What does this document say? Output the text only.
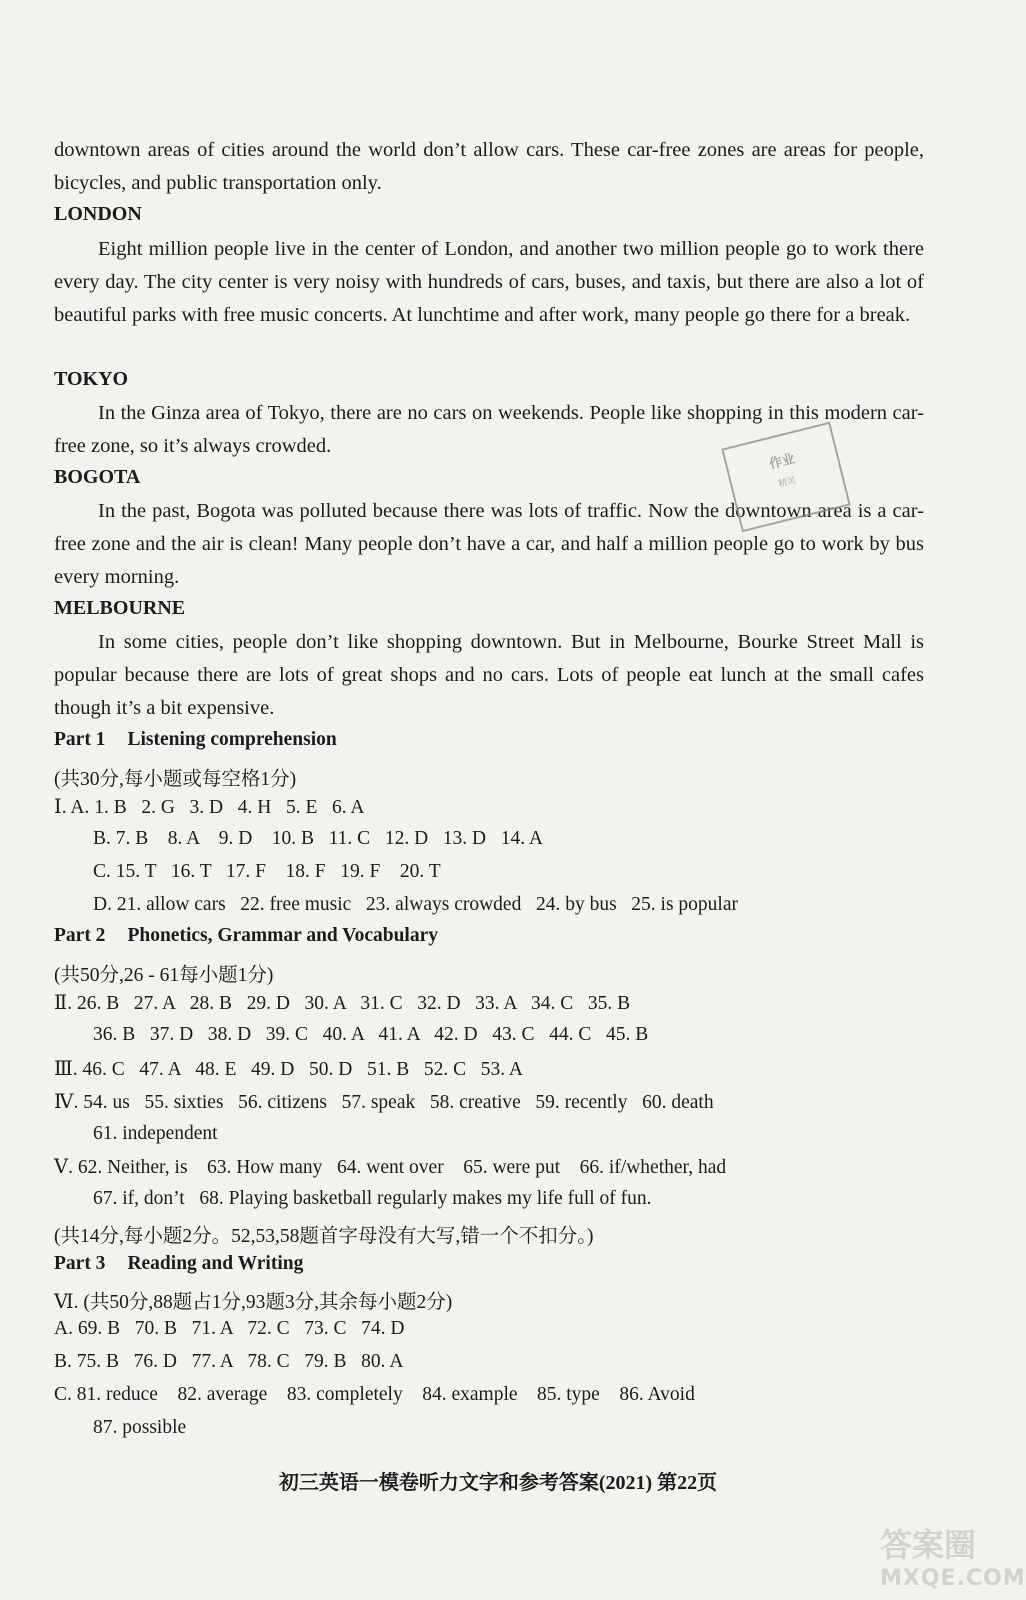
downtown areas of cities around the world don’t allow cars. These car-free zones are areas for people, bicycles, and public transportation only.

LONDON

Eight million people live in the center of London, and another two million people go to work there every day. The city center is very noisy with hundreds of cars, buses, and taxis, but there are also a lot of beautiful parks with free music concerts. At lunchtime and after work, many people go there for a break.

TOKYO

In the Ginza area of Tokyo, there are no cars on weekends. People like shopping in this modern car-free zone, so it’s always crowded.

BOGOTA

In the past, Bogota was polluted because there was lots of traffic. Now the downtown area is a car-free zone and the air is clean! Many people don’t have a car, and half a million people go to work by bus every morning.

MELBOURNE

In some cities, people don’t like shopping downtown. But in Melbourne, Bourke Street Mall is popular because there are lots of great shops and no cars. Lots of people eat lunch at the small cafes though it’s a bit expensive.

Part 1 Listening comprehension
(共30分,每小题或每空格1分)
Ⅰ. A. 1. B   2. G   3. D   4. H   5. E   6. A
B. 7. B    8. A    9. D    10. B   11. C   12. D   13. D   14. A
C. 15. T   16. T   17. F    18. F   19. F    20. T
D. 21. allow cars   22. free music   23. always crowded   24. by bus   25. is popular
Part 2 Phonetics, Grammar and Vocabulary
(共50分,26 - 61每小题1分)
Ⅱ. 26. B   27. A   28. B   29. D   30. A   31. C   32. D   33. A   34. C   35. B
36. B   37. D   38. D   39. C   40. A   41. A   42. D   43. C   44. C   45. B
Ⅲ. 46. C   47. A   48. E   49. D   50. D   51. B   52. C   53. A
Ⅳ. 54. us   55. sixties   56. citizens   57. speak   58. creative   59. recently   60. death
61. independent
Ⅴ. 62. Neither, is    63. How many   64. went over    65. were put    66. if/whether, had
67. if, don’t   68. Playing basketball regularly makes my life full of fun.
(共14分,每小题2分。52,53,58题首字母没有大写,错一个不扣分。)
Part 3 Reading and Writing
Ⅵ. (共50分,88题占1分,93题3分,其余每小题2分)
A. 69. B   70. B   71. A   72. C   73. C   74. D
B. 75. B   76. D   77. A   78. C   79. B   80. A
C. 81. reduce    82. average    83. completely    84. example    85. type    86. Avoid
87. possible
初三英语一模卷听力文字和参考答案(2021) 第22页
作业
精灵
答案圈
MXQE.COM
